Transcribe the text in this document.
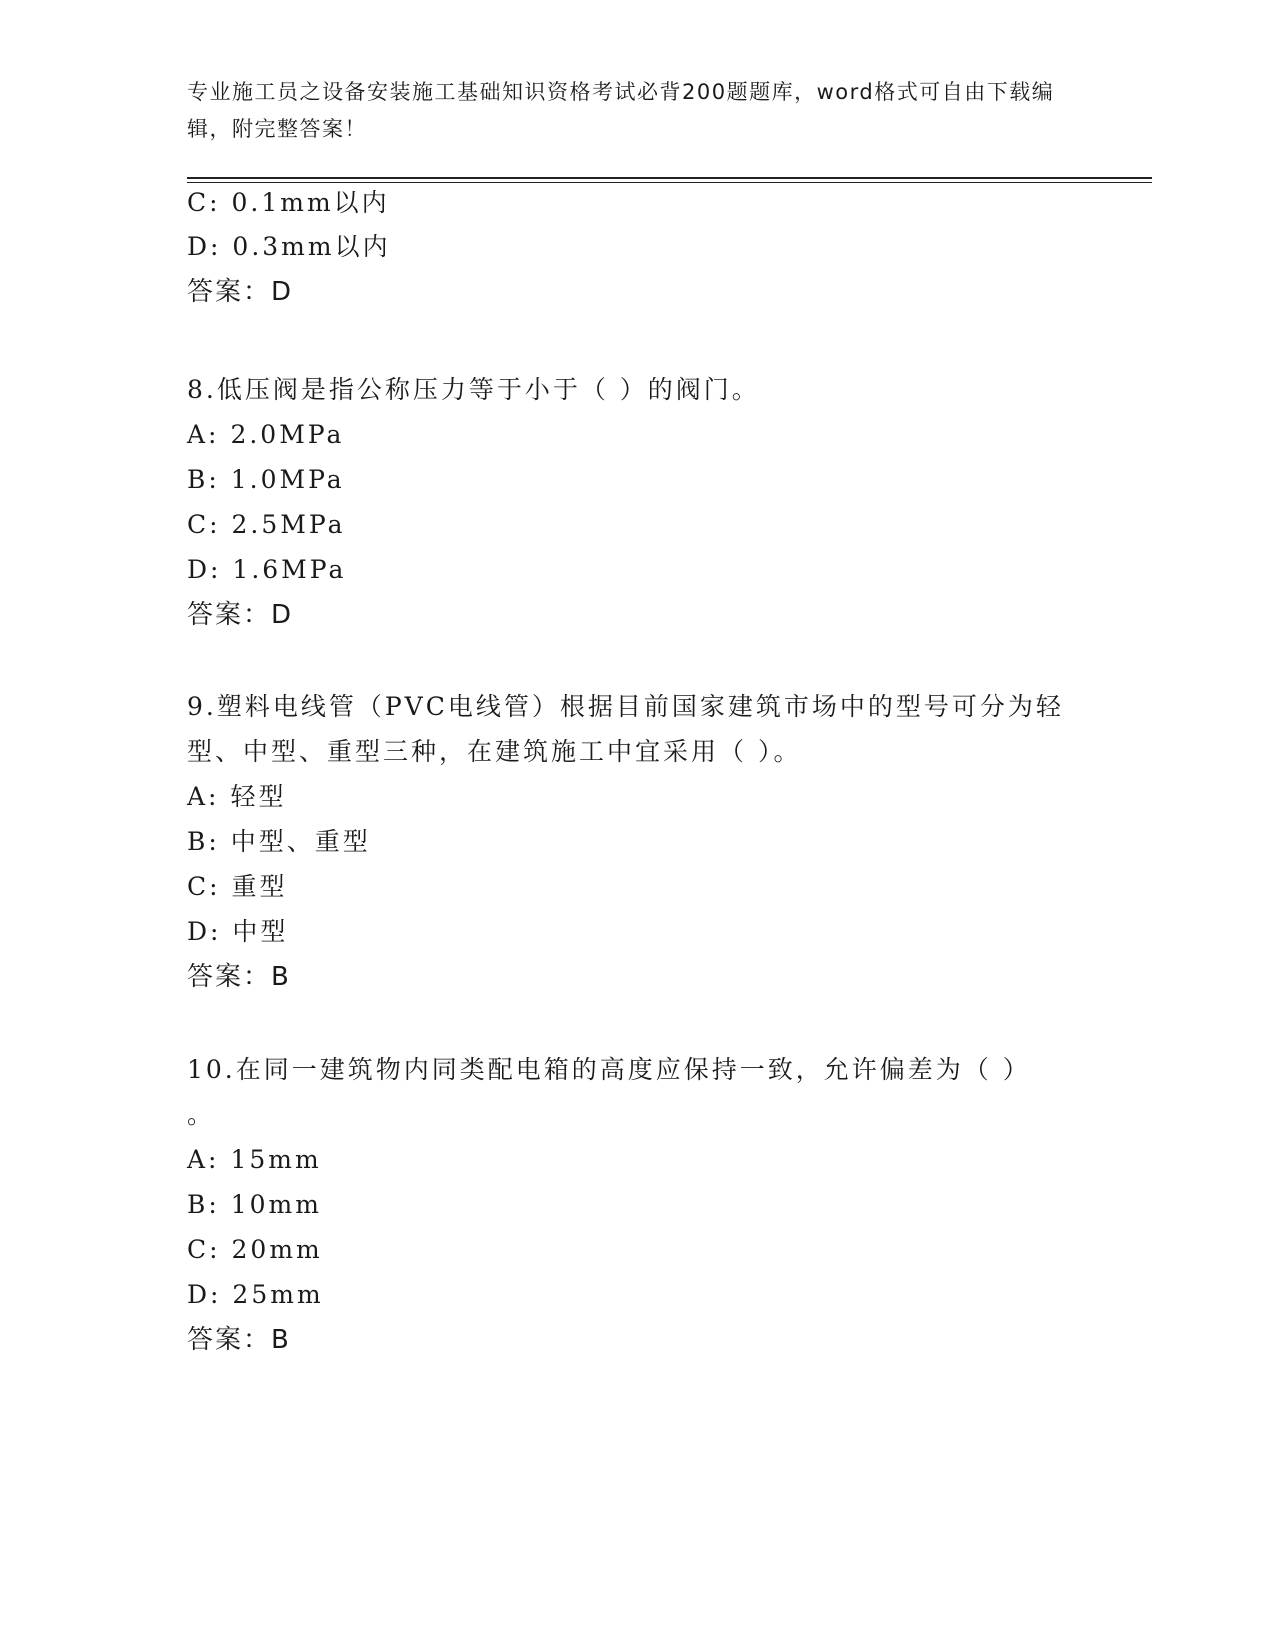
专业施工员之设备安装施工基础知识资格考试必背200题题库，word格式可自由下载编辑，附完整答案！
C: 0.1mm以内
D: 0.3mm以内
答案：D
8.低压阀是指公称压力等于小于（ ）的阀门。
A: 2.0MPa
B: 1.0MPa
C: 2.5MPa
D: 1.6MPa
答案：D
9.塑料电线管（PVC电线管）根据目前国家建筑市场中的型号可分为轻
型、中型、重型三种，在建筑施工中宜采用（ ）。
A: 轻型
B: 中型、重型
C: 重型
D: 中型
答案：B
10.在同一建筑物内同类配电箱的高度应保持一致，允许偏差为（ ）
。
A: 15mm
B: 10mm
C: 20mm
D: 25mm
答案：B
